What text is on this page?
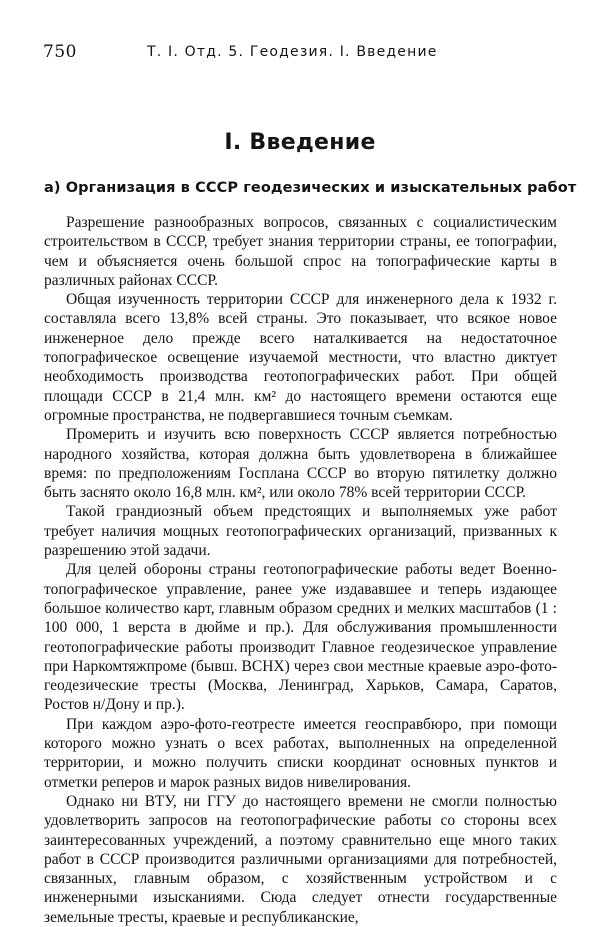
750	Т. I. Отд. 5. Геодезия. I. Введение
I. Введение
а) Организация в СССР геодезических и изыскательных работ

Разрешение разнообразных вопросов, связанных с социалистическим строительством в СССР, требует знания территории страны, ее топографии, чем и объясняется очень большой спрос на топографические карты в различных районах СССР.

Общая изученность территории СССР для инженерного дела к 1932 г. составляла всего 13,8% всей страны. Это показывает, что всякое новое инженерное дело прежде всего наталкивается на недостаточное топографическое освещение изучаемой местности, что властно диктует необходимость производства геотопографических работ. При общей площади СССР в 21,4 млн. км² до настоящего времени остаются еще огромные пространства, не подвергавшиеся точным съемкам.

Промерить и изучить всю поверхность СССР является потребностью народного хозяйства, которая должна быть удовлетворена в ближайшее время: по предположениям Госплана СССР во вторую пятилетку должно быть заснято около 16,8 млн. км², или около 78% всей территории СССР.

Такой грандиозный объем предстоящих и выполняемых уже работ требует наличия мощных геотопографических организаций, призванных к разрешению этой задачи.

Для целей обороны страны геотопографические работы ведет Военно-топографическое управление, ранее уже издававшее и теперь издающее большое количество карт, главным образом средних и мелких масштабов (1 : 100 000, 1 верста в дюйме и пр.). Для обслуживания промышленности геотопографические работы производит Главное геодезическое управление при Наркомтяжпроме (бывш. ВСНХ) через свои местные краевые аэро-фото-геодезические тресты (Москва, Ленинград, Харьков, Самара, Саратов, Ростов н/Дону и пр.).

При каждом аэро-фото-геотресте имеется геосправбюро, при помощи которого можно узнать о всех работах, выполненных на определенной территории, и можно получить списки координат основных пунктов и отметки реперов и марок разных видов нивелирования.

Однако ни ВТУ, ни ГГУ до настоящего времени не смогли полностью удовлетворить запросов на геотопографические работы со стороны всех заинтересованных учреждений, а поэтому сравнительно еще много таких работ в СССР производится различными организациями для потребностей, связанных, главным образом, с хозяйственным устройством и с инженерными изысканиями. Сюда следует отнести государственные земельные тресты, краевые и республиканские,
